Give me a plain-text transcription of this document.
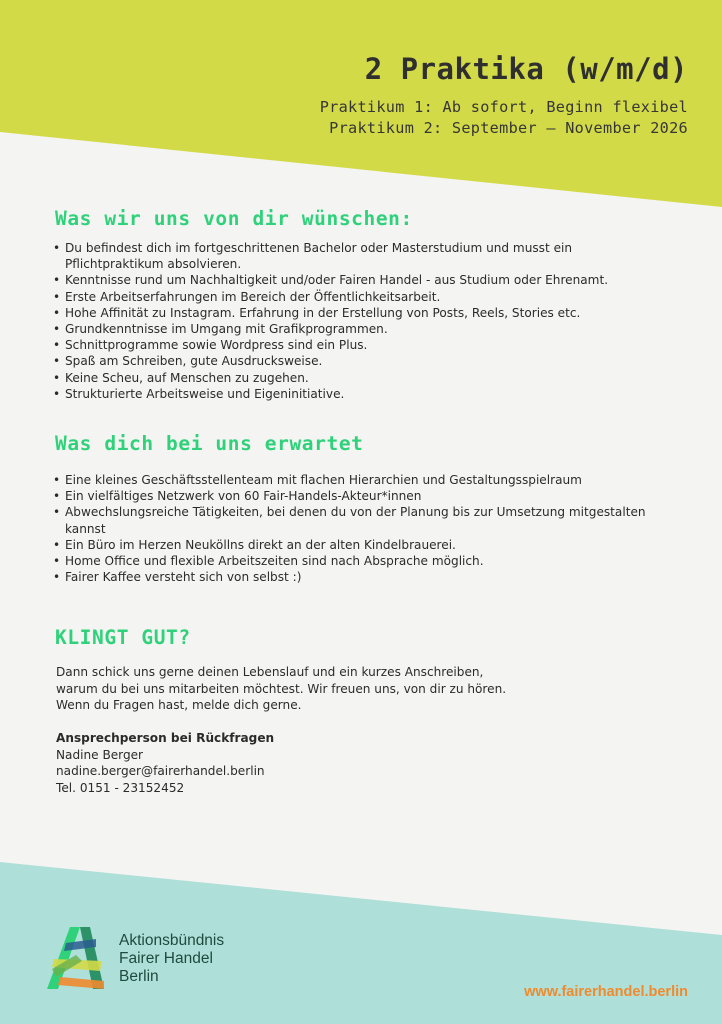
2 Praktika (w/m/d)
Praktikum 1: Ab sofort, Beginn flexibel
Praktikum 2: September – November 2026
Was wir uns von dir wünschen:
• Du befindest dich im fortgeschrittenen Bachelor oder Masterstudium und musst ein Pflichtpraktikum absolvieren.
• Kenntnisse rund um Nachhaltigkeit und/oder Fairen Handel - aus Studium oder Ehrenamt.
• Erste Arbeitserfahrungen im Bereich der Öffentlichkeitsarbeit.
• Hohe Affinität zu Instagram. Erfahrung in der Erstellung von Posts, Reels, Stories etc.
• Grundkenntnisse im Umgang mit Grafikprogrammen.
• Schnittprogramme sowie Wordpress sind ein Plus.
• Spaß am Schreiben, gute Ausdrucksweise.
• Keine Scheu, auf Menschen zu zugehen.
• Strukturierte Arbeitsweise und Eigeninitiative.
Was dich bei uns erwartet
• Eine kleines Geschäftsstellenteam mit flachen Hierarchien und Gestaltungsspielraum
• Ein vielfältiges Netzwerk von 60 Fair-Handels-Akteur*innen
• Abwechslungsreiche Tätigkeiten, bei denen du von der Planung bis zur Umsetzung mitgestalten kannst
• Ein Büro im Herzen Neuköllns direkt an der alten Kindelbrauerei.
• Home Office und flexible Arbeitszeiten sind nach Absprache möglich.
• Fairer Kaffee versteht sich von selbst :)
KLINGT GUT?
Dann schick uns gerne deinen Lebenslauf und ein kurzes Anschreiben,
warum du bei uns mitarbeiten möchtest. Wir freuen uns, von dir zu hören.
Wenn du Fragen hast, melde dich gerne.
Ansprechperson bei Rückfragen
Nadine Berger
nadine.berger@fairerhandel.berlin
Tel. 0151 - 23152452
Aktionsbündnis
Fairer Handel
Berlin
www.fairerhandel.berlin
